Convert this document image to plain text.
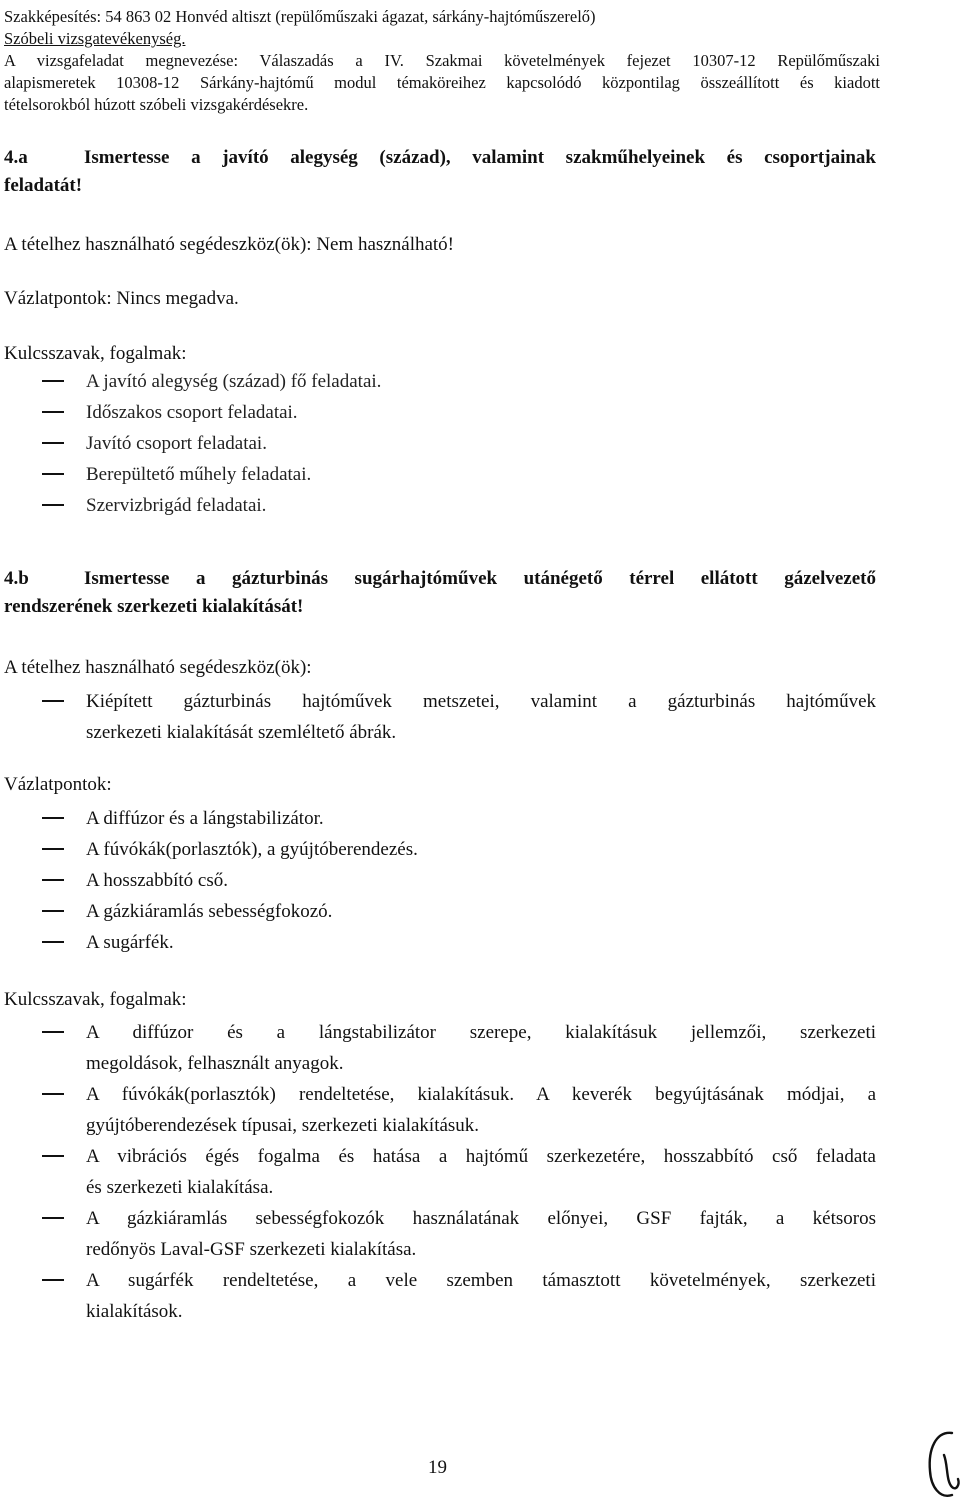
Szakképesítés: 54 863 02 Honvéd altiszt (repülőműszaki ágazat, sárkány-hajtóműszerelő)
Szóbeli vizsgatevékenység.
A vizsgafeladat megnevezése: Válaszadás a IV. Szakmai követelmények fejezet 10307-12 Repülőműszaki
alapismeretek 10308-12 Sárkány-hajtómű modul témaköreihez kapcsolódó központilag összeállított és kiadott
tételsorokból húzott szóbeli vizsgakérdésekre.
4.a	Ismertesse a javító alegység (század), valamint szakműhelyeinek és csoportjainak
feladatát!
A tételhez használható segédeszköz(ök): Nem használható!
Vázlatpontok: Nincs megadva.
Kulcsszavak, fogalmak:
A javító alegység (század) fő feladatai.
Időszakos csoport feladatai.
Javító csoport feladatai.
Berepültető műhely feladatai.
Szervizbrigád feladatai.
4.b	Ismertesse a gázturbinás sugárhajtóművek utánégető térrel ellátott gázelvezető
rendszerének szerkezeti kialakítását!
A tételhez használható segédeszköz(ök):
Kiépített gázturbinás hajtóművek metszetei, valamint a gázturbinás hajtóművek
szerkezeti kialakítását szemléltető ábrák.
Vázlatpontok:
A diffúzor és a lángstabilizátor.
A fúvókák(porlasztók), a gyújtóberendezés.
A hosszabbító cső.
A gázkiáramlás sebességfokozó.
A sugárfék.
Kulcsszavak, fogalmak:
A diffúzor és a lángstabilizátor szerepe, kialakításuk jellemzői, szerkezeti
megoldások, felhasznált anyagok.
A fúvókák(porlasztók) rendeltetése, kialakításuk. A keverék begyújtásának módjai, a
gyújtóberendezések típusai, szerkezeti kialakításuk.
A vibrációs égés fogalma és hatása a hajtómű szerkezetére, hosszabbító cső feladata
és szerkezeti kialakítása.
A gázkiáramlás sebességfokozók használatának előnyei, GSF fajták, a kétsoros
redőnyös Laval-GSF szerkezeti kialakítása.
A sugárfék rendeltetése, a vele szemben támasztott követelmények, szerkezeti
kialakítások.
19
